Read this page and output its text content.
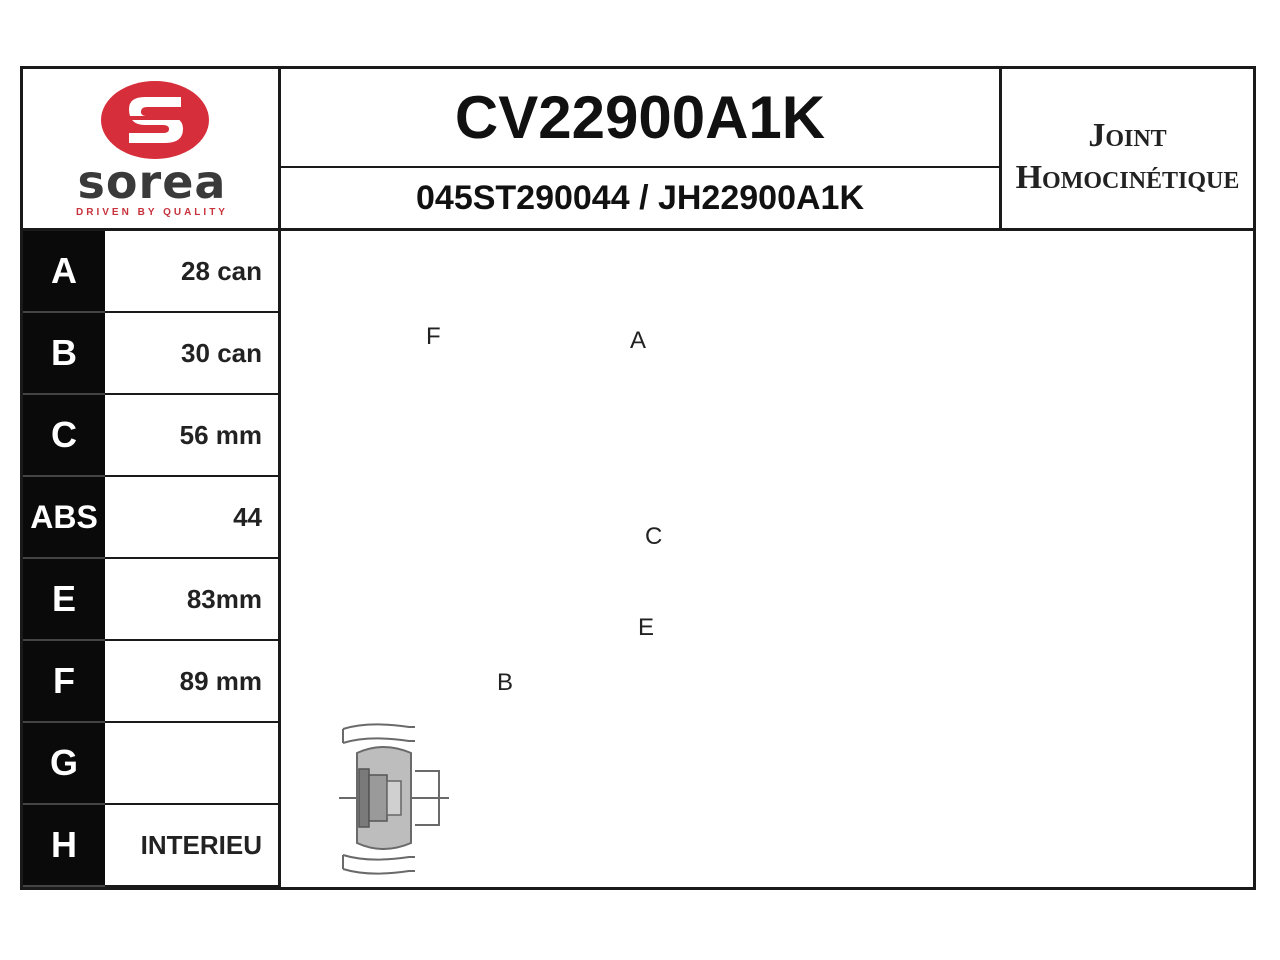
sorea
DRIVEN BY QUALITY
CV22900A1K
045ST290044 / JH22900A1K
Joint
Homocinétique
A	28 can
B	30 can
C	56 mm
ABS	44
E	83mm
F	89 mm
G
H	INTERIEU
F	A
C
E
B
